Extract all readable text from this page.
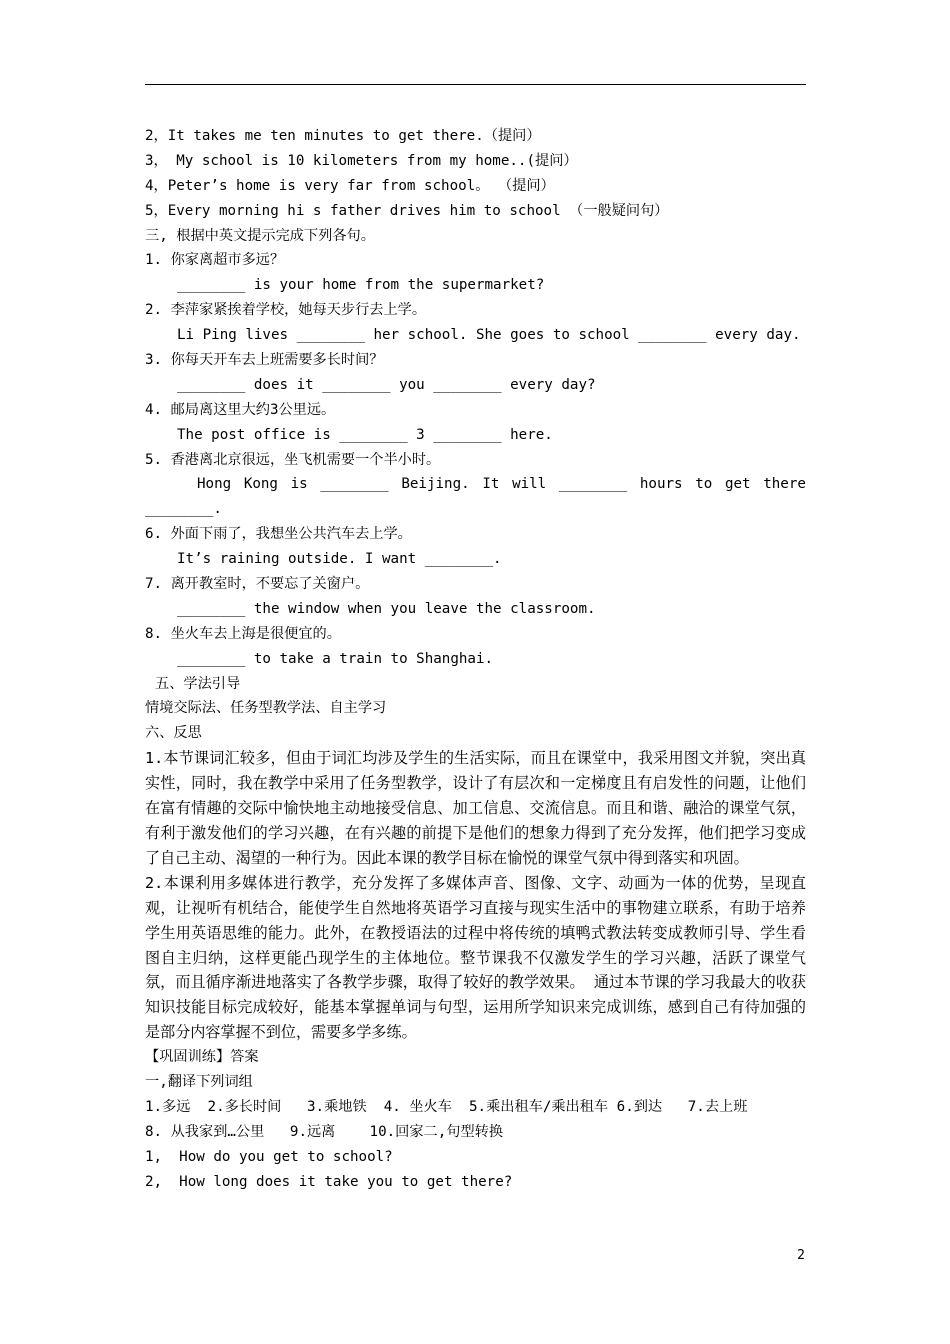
2，It takes me ten minutes to get there.（提问）
3， My school is 10 kilometers from my home..(提问）
4，Peter’s home is very far from school。 （提问）
5，Every morning hi s father drives him to school （一般疑问句）
三, 根据中英文提示完成下列各句。
1. 你家离超市多远？
________ is your home from the supermarket?
2. 李萍家紧挨着学校，她每天步行去上学。
Li Ping lives ________ her school. She goes to school ________ every day.
3. 你每天开车去上班需要多长时间？
________ does it ________ you ________ every day?
4. 邮局离这里大约3公里远。
The post office is ________ 3 ________ here.
5. 香港离北京很远，坐飞机需要一个半小时。
Hong Kong is ________ Beijing. It will ________ hours to get there
________.
6. 外面下雨了，我想坐公共汽车去上学。
It’s raining outside. I want ________.
7. 离开教室时，不要忘了关窗户。
________ the window when you leave the classroom.
8. 坐火车去上海是很便宜的。
________ to take a train to Shanghai.
五、学法引导
情境交际法、任务型教学法、自主学习
六、反思

1.本节课词汇较多，但由于词汇均涉及学生的生活实际，而且在课堂中，我采用图文并貌，突出真实性，同时，我在教学中采用了任务型教学，设计了有层次和一定梯度且有启发性的问题，让他们在富有情趣的交际中愉快地主动地接受信息、加工信息、交流信息。而且和谐、融洽的课堂气氛，有利于激发他们的学习兴趣，在有兴趣的前提下是他们的想象力得到了充分发挥，他们把学习变成了自己主动、渴望的一种行为。因此本课的教学目标在愉悦的课堂气氛中得到落实和巩固。

2.本课利用多媒体进行教学，充分发挥了多媒体声音、图像、文字、动画为一体的优势，呈现直观，让视听有机结合，能使学生自然地将英语学习直接与现实生活中的事物建立联系，有助于培养学生用英语思维的能力。此外，在教授语法的过程中将传统的填鸭式教法转变成教师引导、学生看图自主归纳，这样更能凸现学生的主体地位。整节课我不仅激发学生的学习兴趣，活跃了课堂气氛，而且循序渐进地落实了各教学步骤，取得了较好的教学效果。 通过本节课的学习我最大的收获知识技能目标完成较好，能基本掌握单词与句型，运用所学知识来完成训练，感到自己有待加强的是部分内容掌握不到位，需要多学多练。

【巩固训练】答案
一,翻译下列词组
1.多远  2.多长时间   3.乘地铁  4. 坐火车  5.乘出租车/乘出租车 6.到达   7.去上班
8. 从我家到…公里   9.远离    10.回家二,句型转换
1,  How do you get to school?
2,  How long does it take you to get there?
2
